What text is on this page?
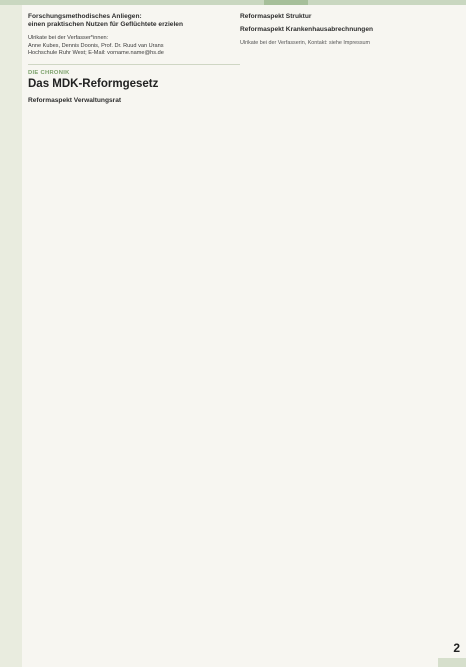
Forschungsmethodisches Anliegen:
einen praktischen Nutzen für Geflüchtete erzielen
Ulrikate bei der Verfasser*innen:
Anne Kubes, Dennis Doonis, Prof. Dr. Ruud van Urans
Hochschule Ruhr West; E-Mail: vorname.name@hs.de
DIE CHRONIK
Das MDK-Reformgesetz
Reformaspekt Verwaltungsrat
Reformaspekt Struktur
Reformaspekt Krankenhausabrechnungen
Ulrikate bei der Verfasserin, Kontakt: siehe Impressum
2
